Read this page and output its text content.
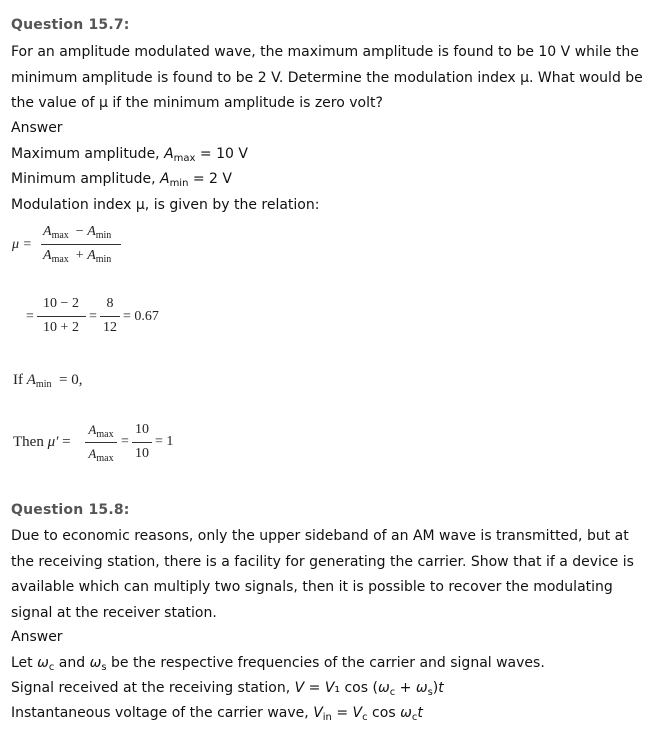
Question 15.7:
For an amplitude modulated wave, the maximum amplitude is found to be 10 V while the minimum amplitude is found to be 2 V. Determine the modulation index μ. What would be the value of μ if the minimum amplitude is zero volt?
Answer
Maximum amplitude, $A_{max} = 10$ V
Minimum amplitude, $A_{min} = 2$ V
Modulation index μ, is given by the relation:
μ =
$A_{max} - A_{min}$
$A_{max} + A_{min}$
=
10 − 2
10 + 2
=
8
12
= 0.67
If $A_{min} = 0$,
Then μ′ =
$A_{max}$
$A_{max}$
=
10
10
= 1
Question 15.8:
Due to economic reasons, only the upper sideband of an AM wave is transmitted, but at the receiving station, there is a facility for generating the carrier. Show that if a device is available which can multiply two signals, then it is possible to recover the modulating signal at the receiver station.
Answer
Let $\omega_c$ and $\omega_s$ be the respective frequencies of the carrier and signal waves.
Signal received at the receiving station, V = V₁ $\cos (\omega_c + \omega_s)t$
Instantaneous voltage of the carrier wave, $V_{in} = V_c$ $\cos \omega_ct$
